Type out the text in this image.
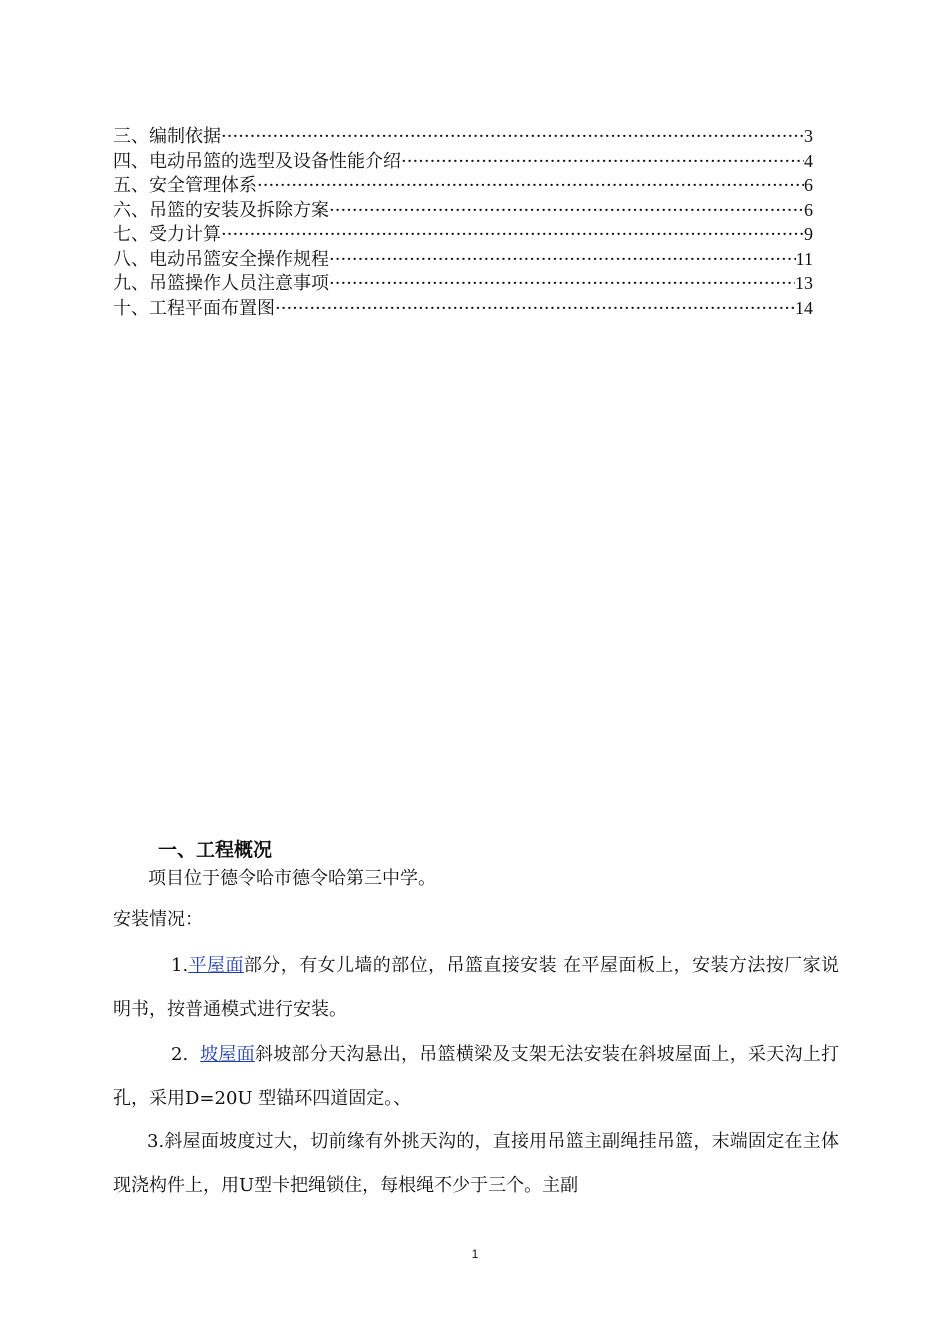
三、编制依据 ·····	3
四、电动吊篮的选型及设备性能介绍 ·····	4
五、安全管理体系 ·····	6
六、吊篮的安装及拆除方案 ·····	6
七、受力计算 ·····	9
八、电动吊篮安全操作规程 ·····	11
九、吊篮操作人员注意事项 ·····	13
十、工程平面布置图 ·····	14
一、工程概况

项目位于德令哈市德令哈第三中学。

安装情况：

1.平屋面部分，有女儿墙的部位，吊篮直接安装 在平屋面板上，安装方法按厂家说明书，按普通模式进行安装。

2. 坡屋面斜坡部分天沟悬出，吊篮横梁及支架无法安装在斜坡屋面上，采天沟上打孔，采用D=20U 型锚环四道固定。、

3.斜屋面坡度过大，切前缘有外挑天沟的，直接用吊篮主副绳挂吊篮，末端固定在主体现浇构件上，用U型卡把绳锁住，每根绳不少于三个。主副

1
